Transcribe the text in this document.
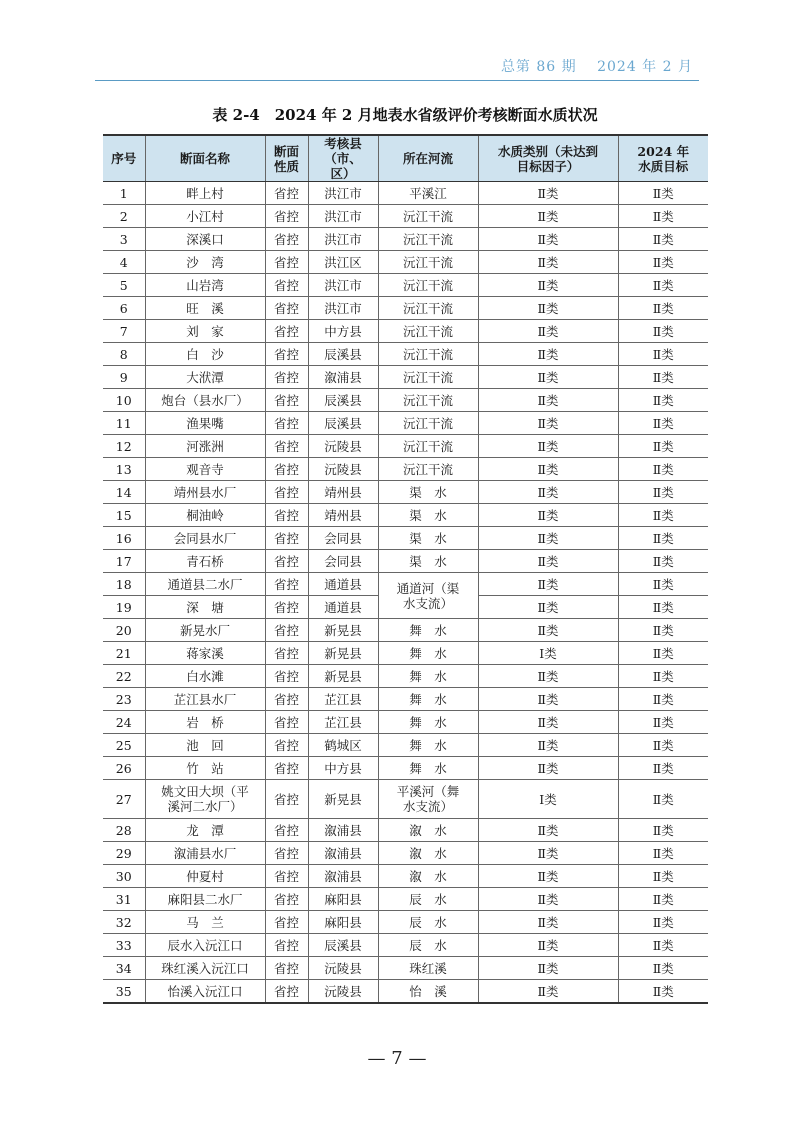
总第 86 期　 2024 年 2 月
表 2-4　2024 年 2 月地表水省级评价考核断面水质状况
序号	断面名称	断面性质	考核县（市、区）	所在河流	水质类别（未达到目标因子）	2024 年水质目标
1	畔上村	省控	洪江市	平溪江	Ⅱ类	Ⅱ类
2	小江村	省控	洪江市	沅江干流	Ⅱ类	Ⅱ类
3	深溪口	省控	洪江市	沅江干流	Ⅱ类	Ⅱ类
4	沙　湾	省控	洪江区	沅江干流	Ⅱ类	Ⅱ类
5	山岩湾	省控	洪江市	沅江干流	Ⅱ类	Ⅱ类
6	旺　溪	省控	洪江市	沅江干流	Ⅱ类	Ⅱ类
7	刘　家	省控	中方县	沅江干流	Ⅱ类	Ⅱ类
8	白　沙	省控	辰溪县	沅江干流	Ⅱ类	Ⅱ类
9	大洑潭	省控	溆浦县	沅江干流	Ⅱ类	Ⅱ类
10	炮台（县水厂）	省控	辰溪县	沅江干流	Ⅱ类	Ⅱ类
11	渔果嘴	省控	辰溪县	沅江干流	Ⅱ类	Ⅱ类
12	河涨洲	省控	沅陵县	沅江干流	Ⅱ类	Ⅱ类
13	观音寺	省控	沅陵县	沅江干流	Ⅱ类	Ⅱ类
14	靖州县水厂	省控	靖州县	渠　水	Ⅱ类	Ⅱ类
15	桐油岭	省控	靖州县	渠　水	Ⅱ类	Ⅱ类
16	会同县水厂	省控	会同县	渠　水	Ⅱ类	Ⅱ类
17	青石桥	省控	会同县	渠　水	Ⅱ类	Ⅱ类
18	通道县二水厂	省控	通道县	通道河（渠水支流）	Ⅱ类	Ⅱ类
19	深　塘	省控	通道县		Ⅱ类	Ⅱ类
20	新晃水厂	省控	新晃县	舞　水	Ⅱ类	Ⅱ类
21	蒋家溪	省控	新晃县	舞　水	Ⅰ类	Ⅱ类
22	白水滩	省控	新晃县	舞　水	Ⅱ类	Ⅱ类
23	芷江县水厂	省控	芷江县	舞　水	Ⅱ类	Ⅱ类
24	岩　桥	省控	芷江县	舞　水	Ⅱ类	Ⅱ类
25	池　回	省控	鹤城区	舞　水	Ⅱ类	Ⅱ类
26	竹　站	省控	中方县	舞　水	Ⅱ类	Ⅱ类
27	姚文田大坝（平溪河二水厂）	省控	新晃县	平溪河（舞水支流）	Ⅰ类	Ⅱ类
28	龙　潭	省控	溆浦县	溆　水	Ⅱ类	Ⅱ类
29	溆浦县水厂	省控	溆浦县	溆　水	Ⅱ类	Ⅱ类
30	仲夏村	省控	溆浦县	溆　水	Ⅱ类	Ⅱ类
31	麻阳县二水厂	省控	麻阳县	辰　水	Ⅱ类	Ⅱ类
32	马　兰	省控	麻阳县	辰　水	Ⅱ类	Ⅱ类
33	辰水入沅江口	省控	辰溪县	辰　水	Ⅱ类	Ⅱ类
34	珠红溪入沅江口	省控	沅陵县	珠红溪	Ⅱ类	Ⅱ类
35	怡溪入沅江口	省控	沅陵县	怡　溪	Ⅱ类	Ⅱ类
— 7 —
